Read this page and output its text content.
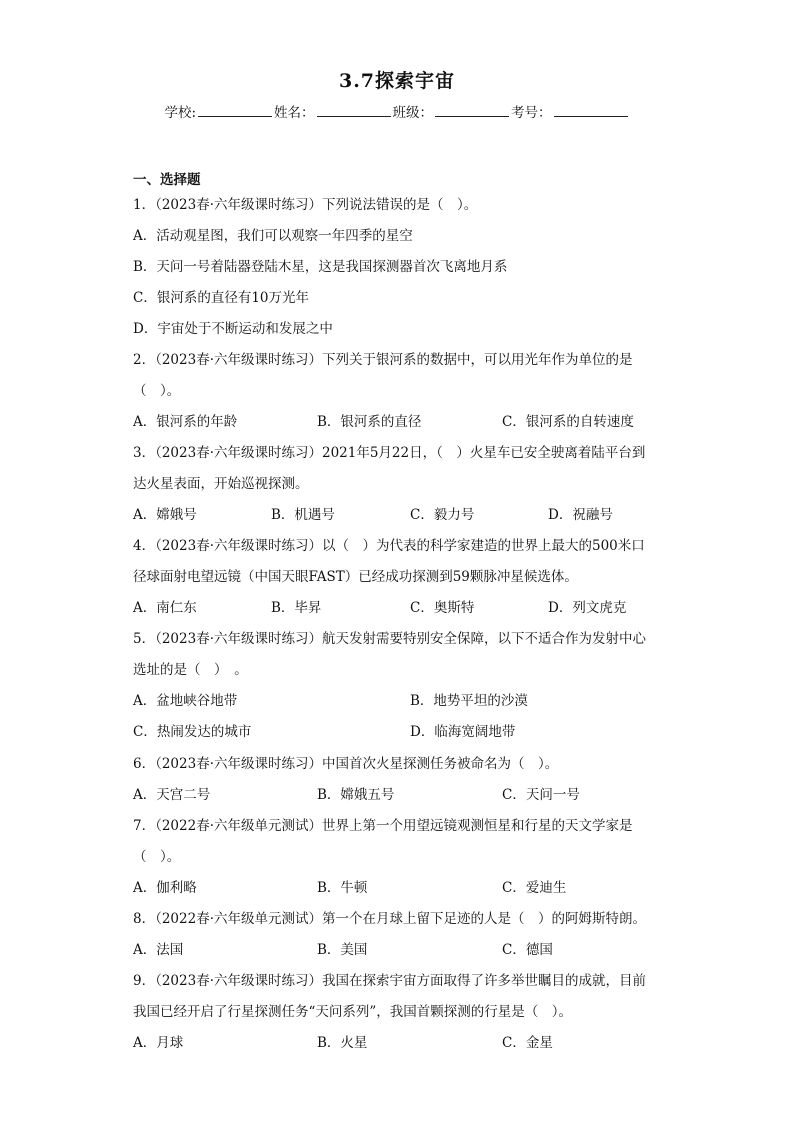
3.7探索宇宙
学校:	姓名：	班级：	考号：
一、选择题
1．（2023春·六年级课时练习）下列说法错误的是（　）。
A．活动观星图，我们可以观察一年四季的星空
B．天问一号着陆器登陆木星，这是我国探测器首次飞离地月系
C．银河系的直径有10万光年
D．宇宙处于不断运动和发展之中
2．（2023春·六年级课时练习）下列关于银河系的数据中，可以用光年作为单位的是
（　）。
A．银河系的年龄	B．银河系的直径	C．银河系的自转速度
3．（2023春·六年级课时练习）2021年5月22日，（　）火星车已安全驶离着陆平台到
达火星表面，开始巡视探测。
A．嫦娥号	B．机遇号	C．毅力号	D．祝融号
4．（2023春·六年级课时练习）以（　）为代表的科学家建造的世界上最大的500米口
径球面射电望远镜（中国天眼FAST）已经成功探测到59颗脉冲星候选体。
A．南仁东	B．毕昇	C．奥斯特	D．列文虎克
5．（2023春·六年级课时练习）航天发射需要特别安全保障，以下不适合作为发射中心
选址的是（　）　。
A．盆地峡谷地带	B．地势平坦的沙漠
C．热闹发达的城市	D．临海宽阔地带
6．（2023春·六年级课时练习）中国首次火星探测任务被命名为（　）。
A．天宫二号	B．嫦娥五号	C．天问一号
7．（2022春·六年级单元测试）世界上第一个用望远镜观测恒星和行星的天文学家是
（　）。
A．伽利略	B．牛顿	C．爱迪生
8．（2022春·六年级单元测试）第一个在月球上留下足迹的人是（　）的阿姆斯特朗。
A．法国	B．美国	C．德国
9．（2023春·六年级课时练习）我国在探索宇宙方面取得了许多举世瞩目的成就，目前
我国已经开启了行星探测任务“天问系列”，我国首颗探测的行星是（　）。
A．月球	B．火星	C．金星
